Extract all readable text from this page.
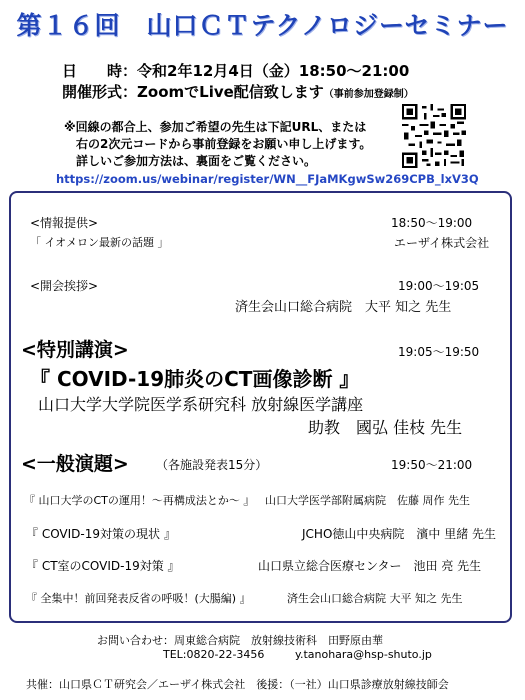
第１６回　山口ＣＴテクノロジーセミナー
日　　時：令和2年12月4日（金）18:50～21:00
開催形式：ZoomでLive配信致します（事前参加登録制）
※回線の都合上、参加ご希望の先生は下記URL、または
右の2次元コードから事前登録をお願い申し上げます。
詳しいご参加方法は、裏面をご覧ください。
https://zoom.us/webinar/register/WN__FJaMKgwSw269CPB_lxV3Q
<情報提供>	18:50～19:00
「 イオメロン最新の話題 」	エーザイ株式会社
<開会挨拶>	19:00～19:05
済生会山口総合病院　大平 知之 先生
<特別講演>	19:05～19:50
『 COVID-19肺炎のCT画像診断 』
山口大学大学院医学系研究科 放射線医学講座
助教　國弘 佳枝 先生
<一般演題> （各施設発表15分）	19:50～21:00
『 山口大学のCTの運用！～再構成法とか～ 』 山口大学医学部附属病院　佐藤 周作 先生
『 COVID-19対策の現状 』	JCHO徳山中央病院　濱中 里緒 先生
『 CT室のCOVID-19対策 』	山口県立総合医療センター　池田 亮 先生
『 全集中！前回発表反省の呼吸！(大腸編) 』	済生会山口総合病院 大平 知之 先生
お問い合わせ：周東総合病院　放射線技術科　田野原由華
TEL:0820-22-3456	y.tanohara@hsp-shuto.jp
共催：山口県ＣＴ研究会／エーザイ株式会社　後援：（一社）山口県診療放射線技師会
